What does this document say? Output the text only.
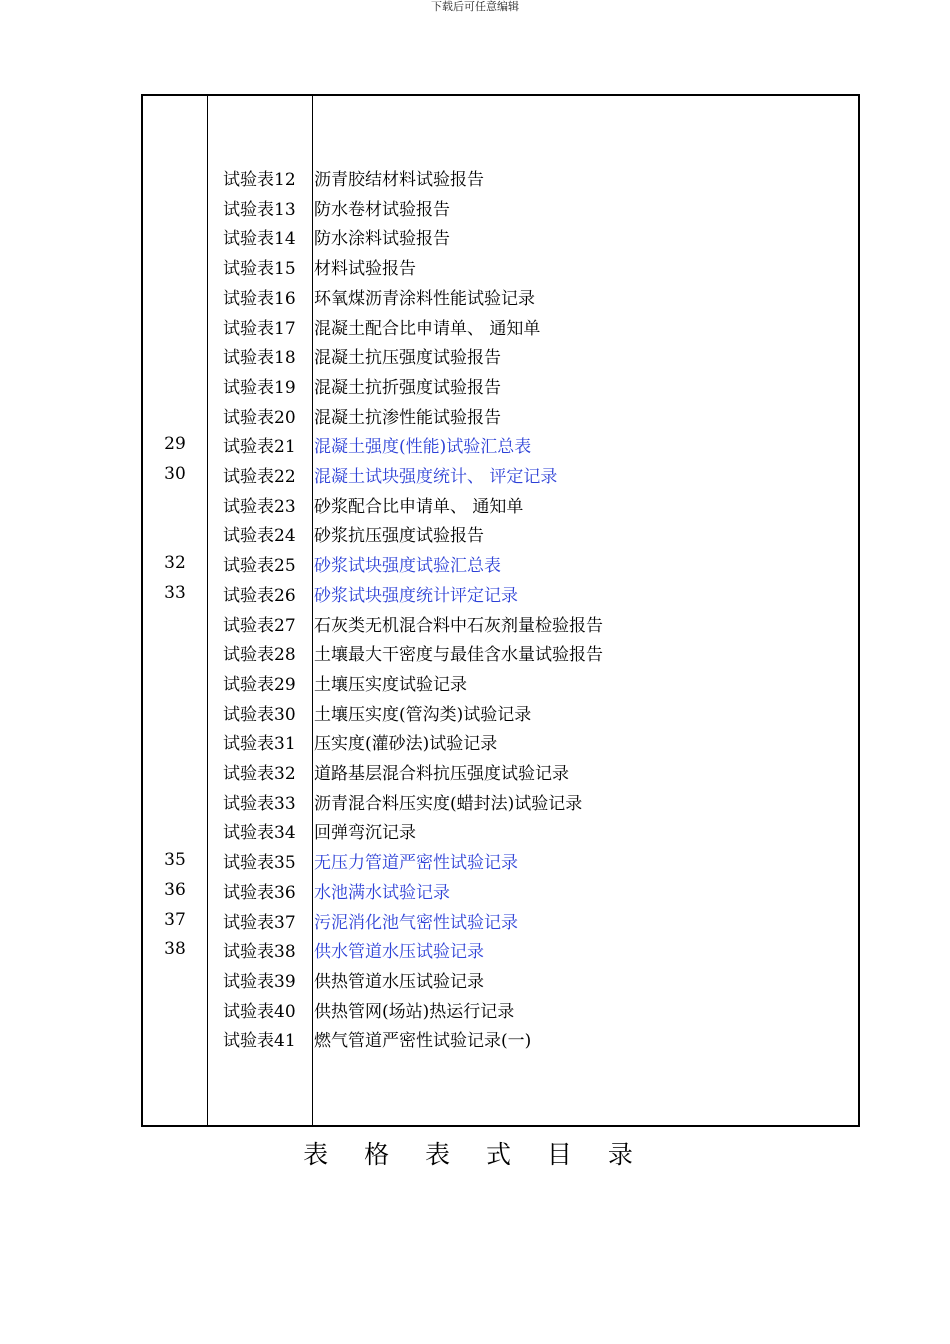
下载后可任意编辑
试验表12 沥青胶结材料试验报告
试验表13 防水卷材试验报告
试验表14 防水涂料试验报告
试验表15 材料试验报告
试验表16 环氧煤沥青涂料性能试验记录
试验表17 混凝土配合比申请单、 通知单
试验表18 混凝土抗压强度试验报告
试验表19 混凝土抗折强度试验报告
试验表20 混凝土抗渗性能试验报告
29	试验表21 混凝土强度(性能)试验汇总表
30	试验表22 混凝土试块强度统计、 评定记录
试验表23 砂浆配合比申请单、 通知单
试验表24 砂浆抗压强度试验报告
32	试验表25 砂浆试块强度试验汇总表
33	试验表26 砂浆试块强度统计评定记录
试验表27 石灰类无机混合料中石灰剂量检验报告
试验表28 土壤最大干密度与最佳含水量试验报告
试验表29 土壤压实度试验记录
试验表30 土壤压实度(管沟类)试验记录
试验表31 压实度(灌砂法)试验记录
试验表32 道路基层混合料抗压强度试验记录
试验表33 沥青混合料压实度(蜡封法)试验记录
试验表34 回弹弯沉记录
35	试验表35 无压力管道严密性试验记录
36	试验表36 水池满水试验记录
37	试验表37 污泥消化池气密性试验记录
38	试验表38 供水管道水压试验记录
试验表39 供热管道水压试验记录
试验表40 供热管网(场站)热运行记录
试验表41 燃气管道严密性试验记录(一)
表 格 表 式 目 录
